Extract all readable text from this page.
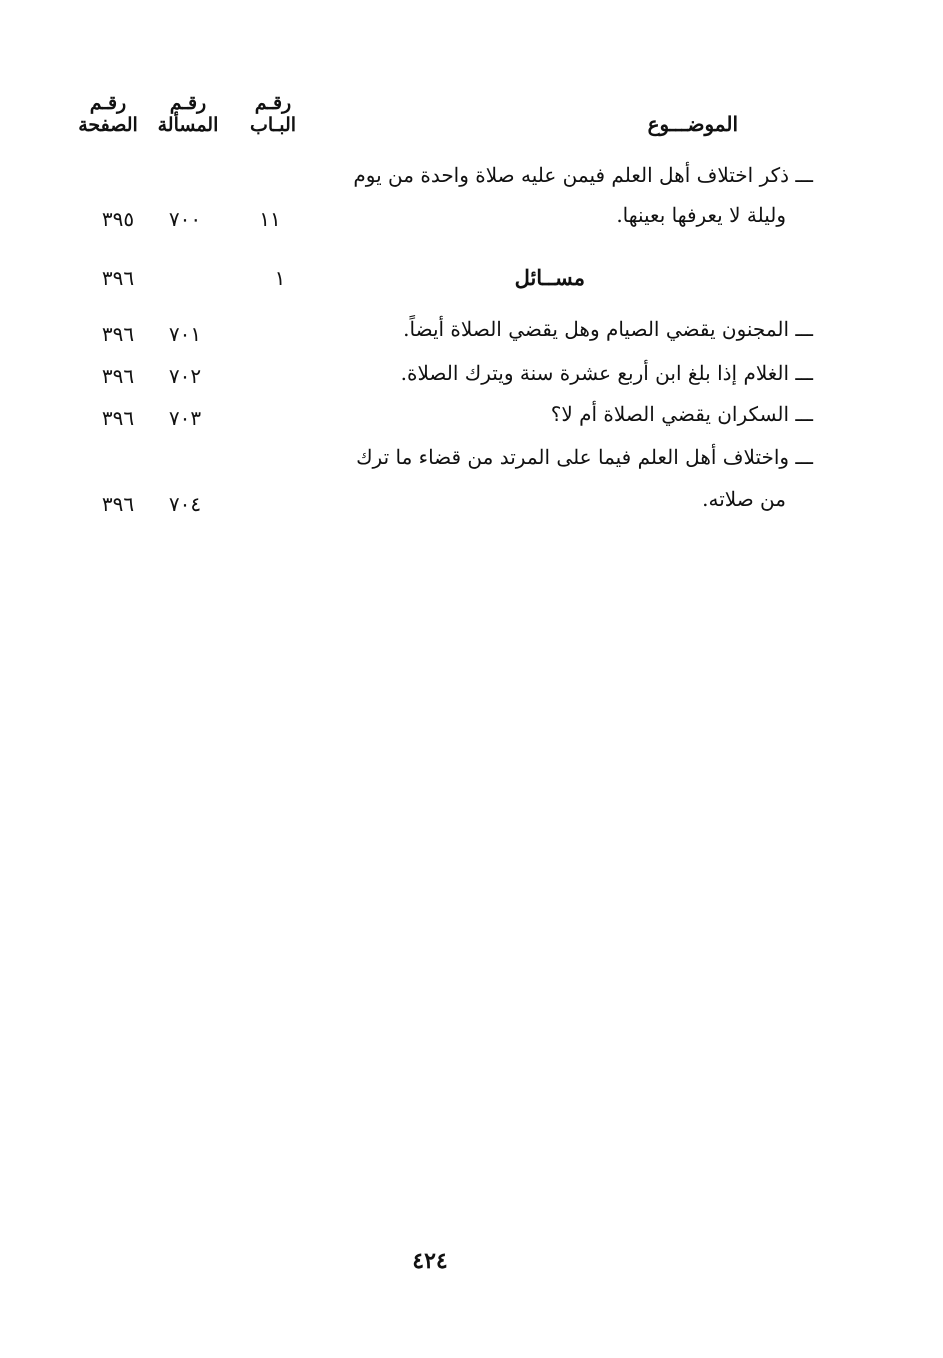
الموضـــوع
رقـم
البـاب
رقـم
المسألة
رقـم
الصفحة
ـــ ذكر اختلاف أهل العلم فيمن عليه صلاة واحدة من يوم
وليلة لا يعرفها بعينها.
١١
٧٠٠
٣٩٥
مســائل
١
٣٩٦
ـــ المجنون يقضي الصيام وهل يقضي الصلاة أيضاً.
٧٠١
٣٩٦
ـــ الغلام إذا بلغ ابن أربع عشرة سنة ويترك الصلاة.
٧٠٢
٣٩٦
ـــ السكران يقضي الصلاة أم لا؟
٧٠٣
٣٩٦
ـــ واختلاف أهل العلم فيما على المرتد من قضاء ما ترك
من صلاته.
٧٠٤
٣٩٦
٤٢٤
